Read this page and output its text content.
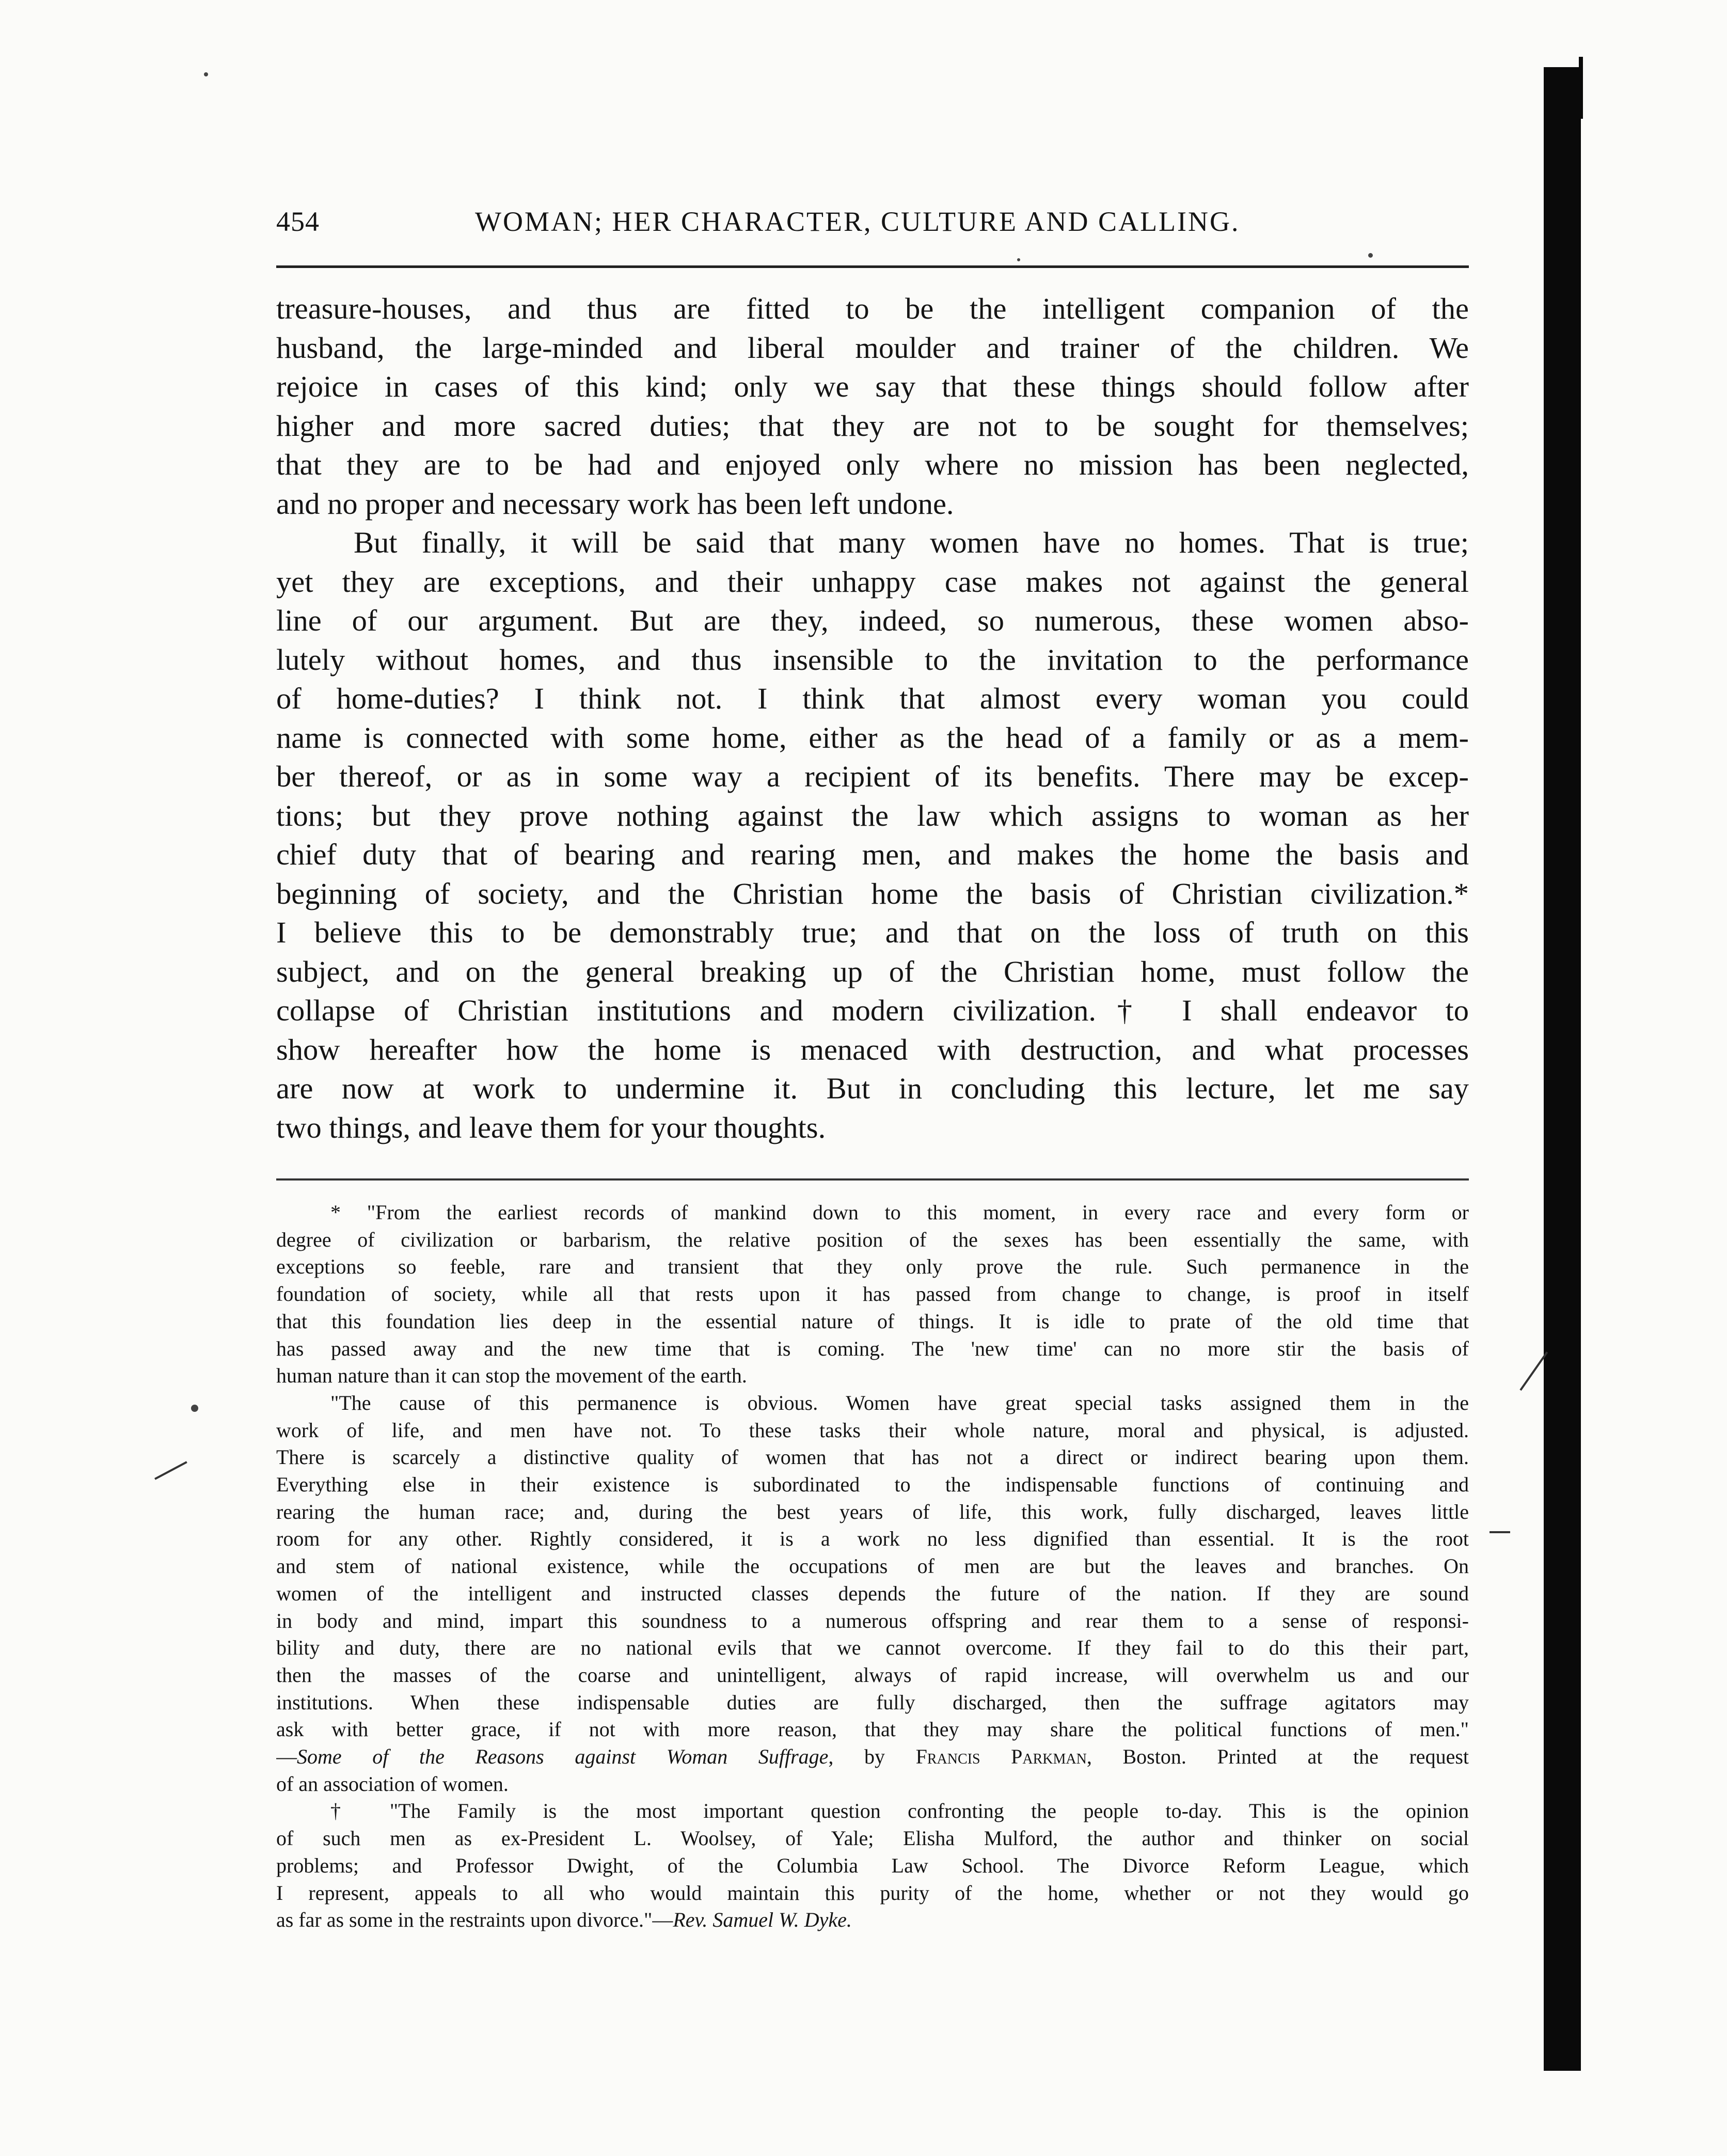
454	WOMAN; HER CHARACTER, CULTURE AND CALLING.
treasure-houses, and thus are fitted to be the intelligent companion of the
husband, the large-minded and liberal moulder and trainer of the children. We
rejoice in cases of this kind; only we say that these things should follow after
higher and more sacred duties; that they are not to be sought for themselves;
that they are to be had and enjoyed only where no mission has been neglected,
and no proper and necessary work has been left undone.
But finally, it will be said that many women have no homes. That is true;
yet they are exceptions, and their unhappy case makes not against the general
line of our argument. But are they, indeed, so numerous, these women abso-
lutely without homes, and thus insensible to the invitation to the performance
of home-duties? I think not. I think that almost every woman you could
name is connected with some home, either as the head of a family or as a mem-
ber thereof, or as in some way a recipient of its benefits. There may be excep-
tions; but they prove nothing against the law which assigns to woman as her
chief duty that of bearing and rearing men, and makes the home the basis and
beginning of society, and the Christian home the basis of Christian civilization.*
I believe this to be demonstrably true; and that on the loss of truth on this
subject, and on the general breaking up of the Christian home, must follow the
collapse of Christian institutions and modern civilization.† I shall endeavor to
show hereafter how the home is menaced with destruction, and what processes
are now at work to undermine it. But in concluding this lecture, let me say
two things, and leave them for your thoughts.
* "From the earliest records of mankind down to this moment, in every race and every form or
degree of civilization or barbarism, the relative position of the sexes has been essentially the same, with
exceptions so feeble, rare and transient that they only prove the rule. Such permanence in the
foundation of society, while all that rests upon it has passed from change to change, is proof in itself
that this foundation lies deep in the essential nature of things. It is idle to prate of the old time that
has passed away and the new time that is coming. The 'new time' can no more stir the basis of
human nature than it can stop the movement of the earth.
"The cause of this permanence is obvious. Women have great special tasks assigned them in the
work of life, and men have not. To these tasks their whole nature, moral and physical, is adjusted.
There is scarcely a distinctive quality of women that has not a direct or indirect bearing upon them.
Everything else in their existence is subordinated to the indispensable functions of continuing and
rearing the human race; and, during the best years of life, this work, fully discharged, leaves little
room for any other. Rightly considered, it is a work no less dignified than essential. It is the root
and stem of national existence, while the occupations of men are but the leaves and branches. On
women of the intelligent and instructed classes depends the future of the nation. If they are sound
in body and mind, impart this soundness to a numerous offspring and rear them to a sense of responsi-
bility and duty, there are no national evils that we cannot overcome. If they fail to do this their part,
then the masses of the coarse and unintelligent, always of rapid increase, will overwhelm us and our
institutions. When these indispensable duties are fully discharged, then the suffrage agitators may
ask with better grace, if not with more reason, that they may share the political functions of men."
—Some of the Reasons against Woman Suffrage, by Francis Parkman, Boston. Printed at the request
of an association of women.
† "The Family is the most important question confronting the people to-day. This is the opinion
of such men as ex-President L. Woolsey, of Yale; Elisha Mulford, the author and thinker on social
problems; and Professor Dwight, of the Columbia Law School. The Divorce Reform League, which
I represent, appeals to all who would maintain this purity of the home, whether or not they would go
as far as some in the restraints upon divorce."—Rev. Samuel W. Dyke.
